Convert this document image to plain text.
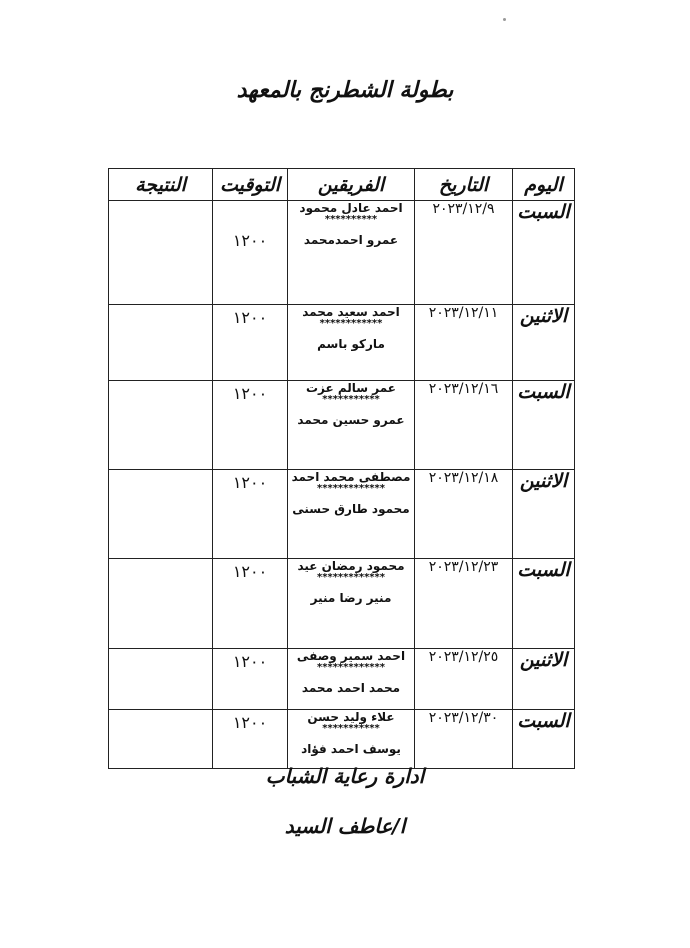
بطولة الشطرنج بالمعهد
اليوم	التاريخ	الفريقين	التوقيت	النتيجة
السبت	٢٠٢٣/١٢/٩	احمد عادل محمود
**********
عمرو احمدمحمد	١٢٠٠	
الاثنين	٢٠٢٣/١٢/١١	احمد سعيد محمد
************
ماركو باسم	١٢٠٠	
السبت	٢٠٢٣/١٢/١٦	عمر سالم عزت
***********
عمرو حسين محمد	١٢٠٠	
الاثنين	٢٠٢٣/١٢/١٨	مصطفى محمد احمد
*************
محمود طارق حسنى	١٢٠٠	
السبت	٢٠٢٣/١٢/٢٣	محمود رمضان عيد
*************
منير رضا منير	١٢٠٠	
الاثنين	٢٠٢٣/١٢/٢٥	احمد سمير وصفى
*************
محمد احمد محمد	١٢٠٠	
السبت	٢٠٢٣/١٢/٣٠	علاء وليد حسن
***********
يوسف احمد فؤاد	١٢٠٠	
ادارة رعاية الشباب
ا/عاطف السيد
